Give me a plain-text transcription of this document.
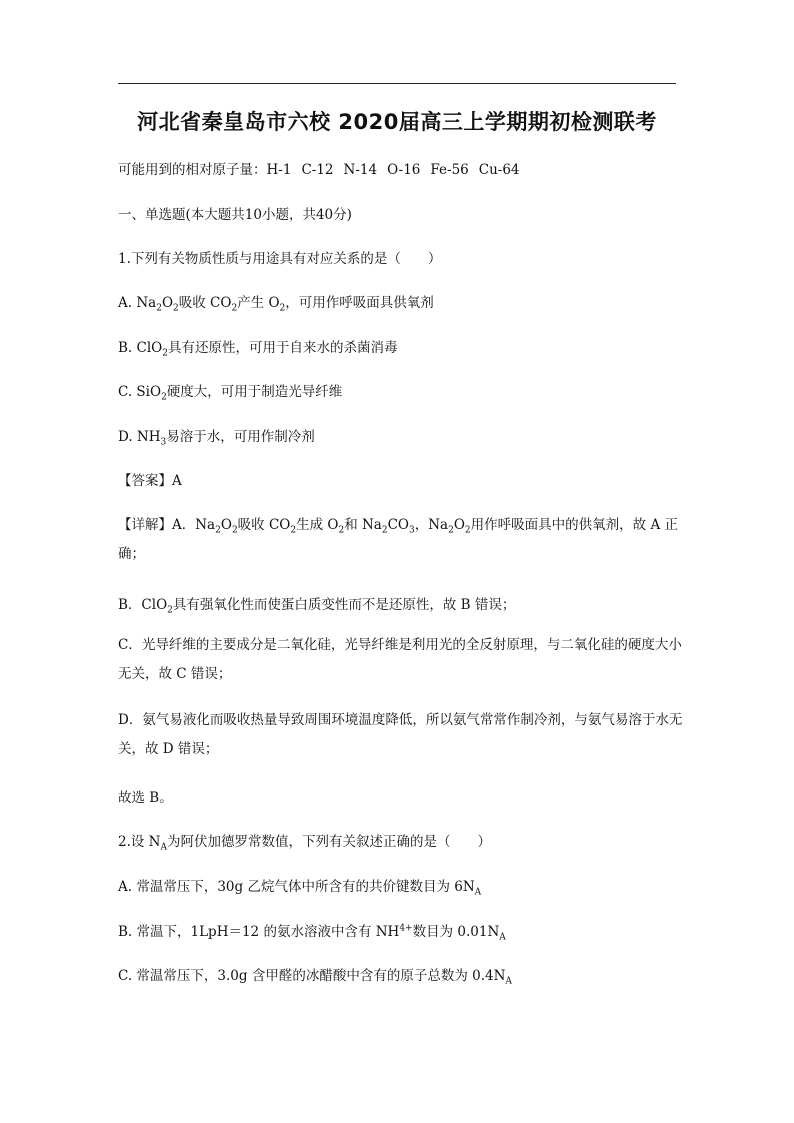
河北省秦皇岛市六校 2020届高三上学期期初检测联考
可能用到的相对原子量：H-1 C-12 N-14 O-16 Fe-56 Cu-64
一、单选题(本大题共10小题，共40分)
1.下列有关物质性质与用途具有对应关系的是（　　）
A. $Na_2O_2$吸收 $CO_2$产生 $O_2$，可用作呼吸面具供氧剂
B. ClO$_2$具有还原性，可用于自来水的杀菌消毒
C. SiO$_2$硬度大，可用于制造光导纤维
D. $NH_3$易溶于水，可用作制冷剂
【答案】A
【详解】A．$Na_2O_2$吸收 $CO_2$生成 $O_2$和 $Na_2CO_3$，$Na_2O_2$用作呼吸面具中的供氧剂，故 A 正确；
B．ClO$_2$具有强氧化性而使蛋白质变性而不是还原性，故 B 错误；
C．光导纤维的主要成分是二氧化硅，光导纤维是利用光的全反射原理，与二氧化硅的硬度大小无关，故 C 错误；
D．氨气易液化而吸收热量导致周围环境温度降低，所以氨气常常作制冷剂，与氨气易溶于水无关，故 D 错误；
故选 B。
2.设 $N_A$为阿伏加德罗常数值，下列有关叙述正确的是（　　）
A. 常温常压下，30g 乙烷气体中所含有的共价键数目为 $6N_A$
B. 常温下，1LpH＝12 的氨水溶液中含有 $NH^{4+}$数目为 $0.01N_A$
C. 常温常压下，3.0g 含甲醛的冰醋酸中含有的原子总数为 $0.4N_A$
